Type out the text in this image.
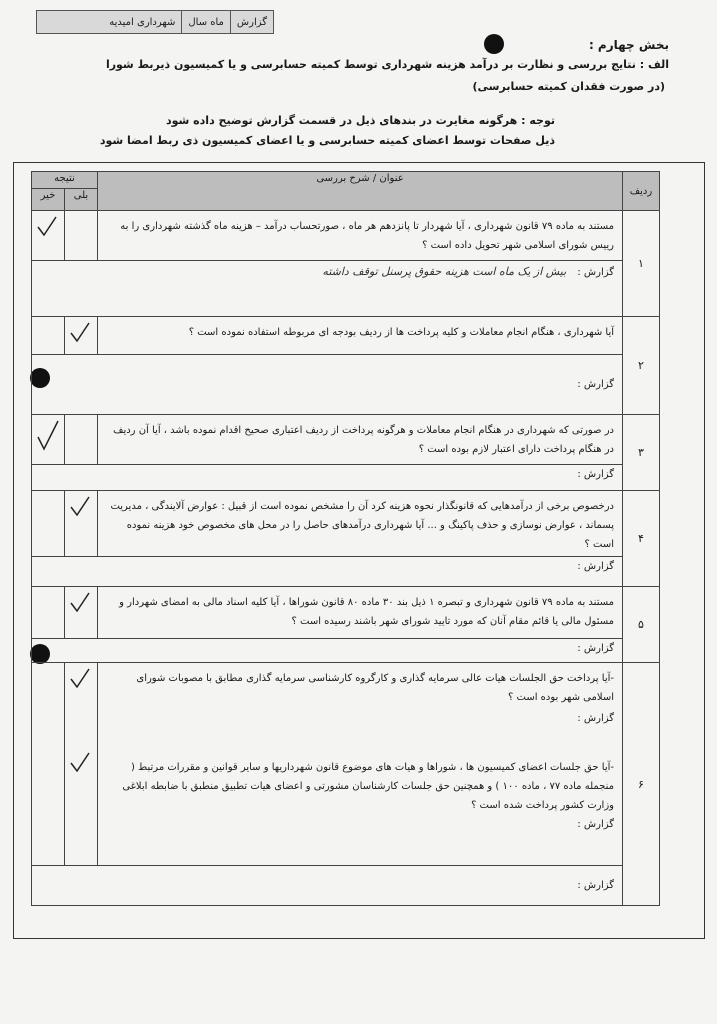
گزارش
ماه سال
شهرداری امیدیه
بخش چهارم :
الف : نتایج بررسی و نظارت بر درآمد هزینه شهرداری توسط کمیته حسابرسی و یا کمیسیون ذیربط شورا
(در صورت فقدان کمیته حسابرسی)
توجه : هرگونه مغایرت در بندهای ذیل در قسمت گزارش توضیح داده شود
ذیل صفحات توسط اعضای کمیته حسابرسی و یا اعضای کمیسیون ذی ربط امضا شود
ردیف	عنوان / شرح بررسی	نتیجه	
		بلی	خیر
۱	مستند به ماده ۷۹ قانون شهرداری ، آیا شهردار تا پانزدهم هر ماه ، صورتحساب درآمد – هزینه ماه گذشته شهرداری را به رییس شورای اسلامی شهر تحویل داده است ؟		

	گزارش : بیش از یک ماه است هزینه حقوق پرسنل توقف داشته		
۲	آیا شهرداری ، هنگام انجام معاملات و کلیه پرداخت ها از ردیف بودجه ای مربوطه استفاده نموده است ؟	

	گزارش :		
۳	در صورتی که شهرداری در هنگام انجام معاملات و هرگونه پرداخت از ردیف اعتباری صحیح اقدام نموده باشد ، آیا آن ردیف در هنگام پرداخت دارای اعتبار لازم بوده است ؟		

	گزارش :		
۴	درخصوص برخی از درآمدهایی که قانونگذار نحوه هزینه کرد آن را مشخص نموده است از قبیل : عوارض آلایندگی ، مدیریت پسماند ، عوارض نوسازی و حذف پاکینگ و ... آیا شهرداری درآمدهای حاصل را در محل های مخصوص خود هزینه نموده است ؟	

	گزارش :		
۵	مستند به ماده ۷۹ قانون شهرداری و تبصره ۱ ذیل بند ۳۰ ماده ۸۰ قانون شوراها ، آیا کلیه اسناد مالی به امضای شهردار و مسئول مالی یا قائم مقام آنان که مورد تایید شورای شهر باشند رسیده است ؟	

	گزارش :		
۶	-آیا پرداخت حق الجلسات هیات عالی سرمایه گذاری و کارگروه کارشناسی سرمایه گذاری مطابق با مصوبات شورای اسلامی شهر بوده است ؟
گزارش :
-آیا حق جلسات اعضای کمیسیون ها ، شوراها و هیات های موضوع قانون شهرداریها و سایر قوانین و مقررات مرتبط ( منجمله ماده ۷۷ ، ماده ۱۰۰ ) و همچنین حق جلسات کارشناسان مشورتی و اعضای هیات تطبیق منطبق با ضابطه ابلاغی وزارت کشور پرداخت شده است ؟
گزارش :

	گزارش :		
